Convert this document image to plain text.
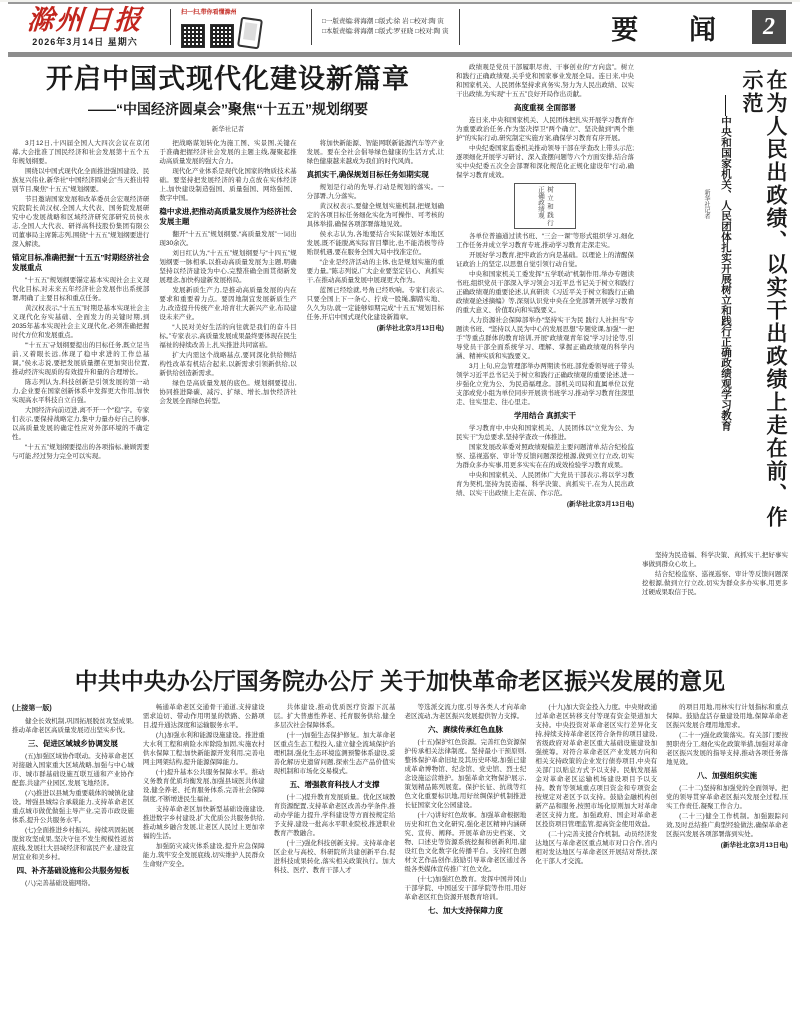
滁州日报
2026年3月14日 星期六
扫一扫,带你看懂滁州
□一版责编:蒋海潮 □版式:徐 岩 □校对:陶 寅
□本版责编:蒋海潮 □版式:罗亚晓 □校对:陶 寅	要 闻	2
开启中国式现代化建设新篇章
——“中国经济圆桌会”聚焦“十五五”规划纲要
新华社记者
3月12日,十四届全国人大四次会议在京闭幕,大会批准了国民经济和社会发展第十五个五年规划纲要。
围绕以中国式现代化全面推进强国建设、民族复兴伟业,新华社“中国经济圆桌会”当天推出特别节目,聚焦“十五五”规划纲要。
节目邀请国家发展和改革委员会宏观经济研究院院长黄汉权,全国人大代表、国务院发展研究中心发展战略和区域经济研究部研究员侯永志,全国人大代表、研祥高科技股份集团有限公司董事局主席陈志列,围绕“十五五”规划纲要进行深入解读。
锚定目标,准确把握“十五五”时期经济社会发展重点
“十五五”规划纲要锚定基本实现社会主义现代化目标,对未来五年经济社会发展作出系统部署,明确了主要目标和重点任务。
黄汉权表示,“十五五”时期是基本实现社会主义现代化夯实基础、全面发力的关键时期,到2035年基本实现社会主义现代化,必须准确把握时代方位和发展重点。
“‘十五五’규划纲要提出的目标任务,既立足当前,又着眼长远,体现了稳中求进的工作总基调。”侯永志说,要把发展质量摆在更加突出位置,推动经济实现质的有效提升和量的合理增长。
陈志列认为,科技创新是引领发展的第一动力,企业要在国家创新体系中发挥更大作用,加快实现高水平科技自立自强。
大国经济向前迈进,离不开一个“稳”字。专家们表示,要保持战略定力,集中力量办好自己的事,以高质量发展的确定性应对外部环境的不确定性。
“十五五”规划纲要提出的各项指标,兼顾需要与可能,经过努力完全可以实现。
把战略谋划转化为施工图、实景图,关键在于准确把握经济社会发展的主题主线,凝聚起推动高质量发展的强大合力。
现代化产业体系是现代化国家的物质技术基础。要坚持把发展经济的着力点放在实体经济上,加快建设制造强国、质量强国、网络强国、数字中国。
稳中求进,把推动高质量发展作为经济社会发展主题
翻开“十五五”规划纲要,“高质量发展”一词出现30余次。
刘日红认为,“十五五”规划纲要与“十四五”规划纲要一脉相承,以推动高质量发展为主题,明确坚持以经济建设为中心,完整准确全面贯彻新发展理念,加快构建新发展格局。
发展新质生产力,是推动高质量发展的内在要求和重要着力点。要因地制宜发展新质生产力,改造提升传统产业,培育壮大新兴产业,布局建设未来产业。
“人民对美好生活的向往就是我们的奋斗目标。”专家表示,高质量发展成果最终要体现在民生福祉的持续改善上,扎实推进共同富裕。
扩大内需这个战略基点,要同深化供给侧结构性改革有机结合起来,以新需求引领新供给,以新供给创造新需求。
绿色是高质量发展的底色。规划纲要提出,协同推进降碳、减污、扩绿、增长,加快经济社会发展全面绿色转型。
将加快新能源、智能网联新能源汽车等产业发展。要在全社会倡导绿色健康的生活方式,让绿色健康越来越成为我们的时代风尚。
真抓实干,确保规划目标任务如期实现
规划是行动的先导,行动是规划的落实。一分部署,九分落实。
黄汉权表示,要健全规划实施机制,把规划确定的各项目标任务细化实化为可操作、可考核的具体举措,确保各项部署落地见效。
侯永志认为,各地要结合实际谋划好本地区发展,既不能脱离实际盲目攀比,也不能消极等待贻误机遇,要在服务全国大局中找准定位。
“企业是经济活动的主体,也是规划实施的重要力量。”陈志列说,广大企业要坚定信心、真抓实干,在推动高质量发展中展现更大作为。
蓝图已经绘就,号角已经吹响。专家们表示,只要全国上下一条心、拧成一股绳,脚踏实地、久久为功,就一定能够如期完成“十五五”规划目标任务,开启中国式现代化建设新篇章。
(新华社北京3月13日电)
政绩观是党员干部履职尽责、干事创业的“方向盘”。树立和践行正确政绩观,关乎党和国家事业发展全局。连日来,中央和国家机关、人民团体坚持求真务实,努力为人民出政绩、以实干出政绩,为实现“十五五”良好开局作出贡献。
高度重视 全面部署
连日来,中央和国家机关、人民团体把扎实开展学习教育作为重要政治任务,作为坚决捍卫“两个确立”、坚决做到“两个维护”的实际行动,研究制定实施方案,确保学习教育有序开展。
中央纪委国家监委机关推动领导干部在学查改上带头示范;逐项细化开展学习研讨、深入查摆问题等六个方面安排,结合落实中央纪委五次全会部署和深化规范化正规化建设年“行动,确保学习教育成效。
树立和践行 正确政绩观
各单位普遍通过读书班、“三会一课”等形式组织学习,细化工作任务并成立学习教育专班,推动学习教育走深走实。
开展好学习教育,把牢政治方向是基础。以理论上的清醒保证政治上的坚定,以思想自觉引领行动自觉。
中央和国家机关工委发挥“五学联动”机制作用,举办专题读书班,组织党员干部深入学习领会习近平总书记关于树立和践行正确政绩观的重要论述,认真研读《习近平关于树立和践行正确政绩观论述摘编》等,深刻认识党中央在全党部署开展学习教育的重大意义、价值取向和实践要义。
人力资源社会保障部举办“坚持实干为民 践行人社担当”专题读书班、“坚持以人民为中心的发展思想”专题党课,加强“一把手”等重点群体的教育培训,开展“政绩观青年说”学习讨论等,引导党员干部全面系统学习、理解、掌握正确政绩观的科学内涵、精神实质和实践要义。
3月上旬,应急管理部举办两期读书班,部党委领导班子带头领学习近平总书记关于树立和践行正确政绩观的重要论述,进一步强化立党为公、为民造福理念。部机关司局和直属单位以党支部或党小组为单位同步开展读书班学习,推动学习教育往深里走、往实里走、往心里走。
学用结合 真抓实干
学习教育中,中央和国家机关、人民团体以“立党为公、为民实干”为总要求,坚持学查改一体推进。
国家发展改革委对照政绩观偏差主要问题清单,结合纪检监察、巡视巡察、审计等反馈问题深挖根源,做到立行立改,切实为群众多办实事,用更多实实在在的成效检验学习教育成果。
中央和国家机关、人民团体广大党员干部表示,将以学习教育为契机,坚持为民造福、科学决策、真抓实干,在为人民出政绩、以实干出政绩上走在前、作示范。
(新华社北京3月13日电)	在为人民出政绩、以实干出政绩上走在前、作示范
——中央和国家机关、人民团体扎实开展树立和践行正确政绩观学习教育
新华社记者
坚持为民造福、科学决策、真抓实干,把好事实事做到群众心坎上。
结合纪检监察、巡视巡察、审计等反馈问题深挖根源,做到立行立改,切实为群众多办实事,用更多过硬成果取信于民。
中共中央办公厅国务院办公厅 关于加快革命老区振兴发展的意见
(上接第一版)
健全长效机制,巩固拓展脱贫攻坚成果,推动革命老区高质量发展迈出坚实步伐。
三、促进区域城乡协调发展
(五)加强区域协作联动。支持革命老区对接融入国家重大区域战略,加强与中心城市、城市群基础设施互联互通和产业协作配套,共建产业园区,发展飞地经济。
(六)推进以县城为重要载体的城镇化建设。增强县城综合承载能力,支持革命老区重点城市做优做强主导产业,完善市政设施体系,提升公共服务水平。
(七)全面推进乡村振兴。持续巩固拓展脱贫攻坚成果,坚决守住不发生规模性返贫底线,发展壮大县域经济和富民产业,建设宜居宜业和美乡村。
四、补齐基础设施和公共服务短板
(八)完善基础设施网络。
畅通革命老区交通骨干通道,支持建设需求迫切、带动作用明显的铁路、公路项目,提升通达深度和运输服务水平。
(九)加强水利和能源设施建设。推进重大水利工程和病险水库除险加固,实施农村供水保障工程;加快新能源开发利用,完善电网主网架结构,提升能源保障能力。
(十)提升基本公共服务保障水平。推动义务教育优质均衡发展,加强县域医共体建设,健全养老、托育服务体系,完善社会保障制度,不断增进民生福祉。
支持革命老区加快新型基础设施建设,推进数字乡村建设,扩大优质公共服务供给,推动城乡融合发展,让老区人民过上更加幸福的生活。
加强防灾减灾体系建设,提升应急保障能力,筑牢安全发展底线,切实维护人民群众生命财产安全。
共体建设,推动优质医疗资源下沉基层。扩大普惠性养老、托育服务供给,健全多层次社会保障体系。
(十一)加强生态保护修复。加大革命老区重点生态工程投入,建立健全流域保护治理机制,强化生态环境监测预警体系建设,妥善化解历史遗留问题,探索生态产品价值实现机制和市场化交易模式。
五、增强教育科技人才支撑
(十二)提升教育发展质量。优化区域教育资源配置,支持革命老区改善办学条件,推动办学能力提升,学科建设等方面按规定给予支持,建设一批高水平职业院校,推进职业教育产教融合。
(十三)强化科技创新支持。支持革命老区企业与高校、科研院所共建创新平台,促进科技成果转化,落实相关政策执行。加大科技、医疗、教育干部人才
等选派交流力度,引导各类人才向革命老区流动,为老区振兴发展提供智力支撑。
六、赓续传承红色血脉
(十五)保护红色资源。完善红色资源保护传承相关法律制度。坚持最小干预原则,整体保护革命旧址及其历史环境,加强已建成革命博物馆、纪念馆、党史馆、烈士纪念设施运营维护。加强革命文物保护展示,策划精品陈列展览。保护长征、抗战等红色文化重要标识地,用好丝绸保护机制推进长征国家文化公园建设。
(十六)讲好红色故事。加强革命根据地历史和红色文化研究,强化老区精神内涵研究、宣传、阐释。开展革命历史档案、文物、口述史等资源系统挖掘和创新利用,建设红色文化数字化传播平台。支持红色题材文艺作品创作,鼓励引导革命老区通过各级各类媒体宣传推广红色文化。
(十七)加强红色教育。发挥中国井冈山干部学院、中国延安干部学院等作用,用好革命老区红色资源开展教育培训。
七、加大支持保障力度
(十九)加大资金投入力度。中央财政通过革命老区转移支付等现有资金渠道加大支持。中央投资对革命老区实行差异化支持,持续支持革命老区符合条件的项目建设,省级政府对革命老区重大基础设施建设加强统筹。对符合革命老区产业发展方向和相关支持政策的企业发行债券项目,中央有关部门以贴息方式予以支持。民航发展基金对革命老区运输机场建设项目予以支持。教育等领域重点项目资金和专项资金按规定对老区予以支持。鼓励金融机构创新产品和服务,按照市场化原则加大对革命老区支持力度。加强政府、国企对革命老区投资项目管理监管,提高资金使用效益。
(二十)完善支援合作机制。动员经济发达地区与革命老区重点城市对口合作,省内相对发达地区与革命老区开展结对帮扶,深化干部人才交流。
的项目用地,用林实行计划指标和重点保障。鼓励盘活存量建设用地,保障革命老区振兴发展合理用地需求。
(二十一)强化政策落实。有关部门要按照职责分工,细化实化政策举措,加强对革命老区振兴发展的指导支持,推动各项任务落地见效。
八、加强组织实施
(二十二)坚持和加强党的全面领导。把党的领导贯穿革命老区振兴发展全过程,压实工作责任,凝聚工作合力。
(二十三)健全工作机制。加强跟踪问效,及时总结推广典型经验做法,确保革命老区振兴发展各项部署落到实处。
(新华社北京3月13日电)
